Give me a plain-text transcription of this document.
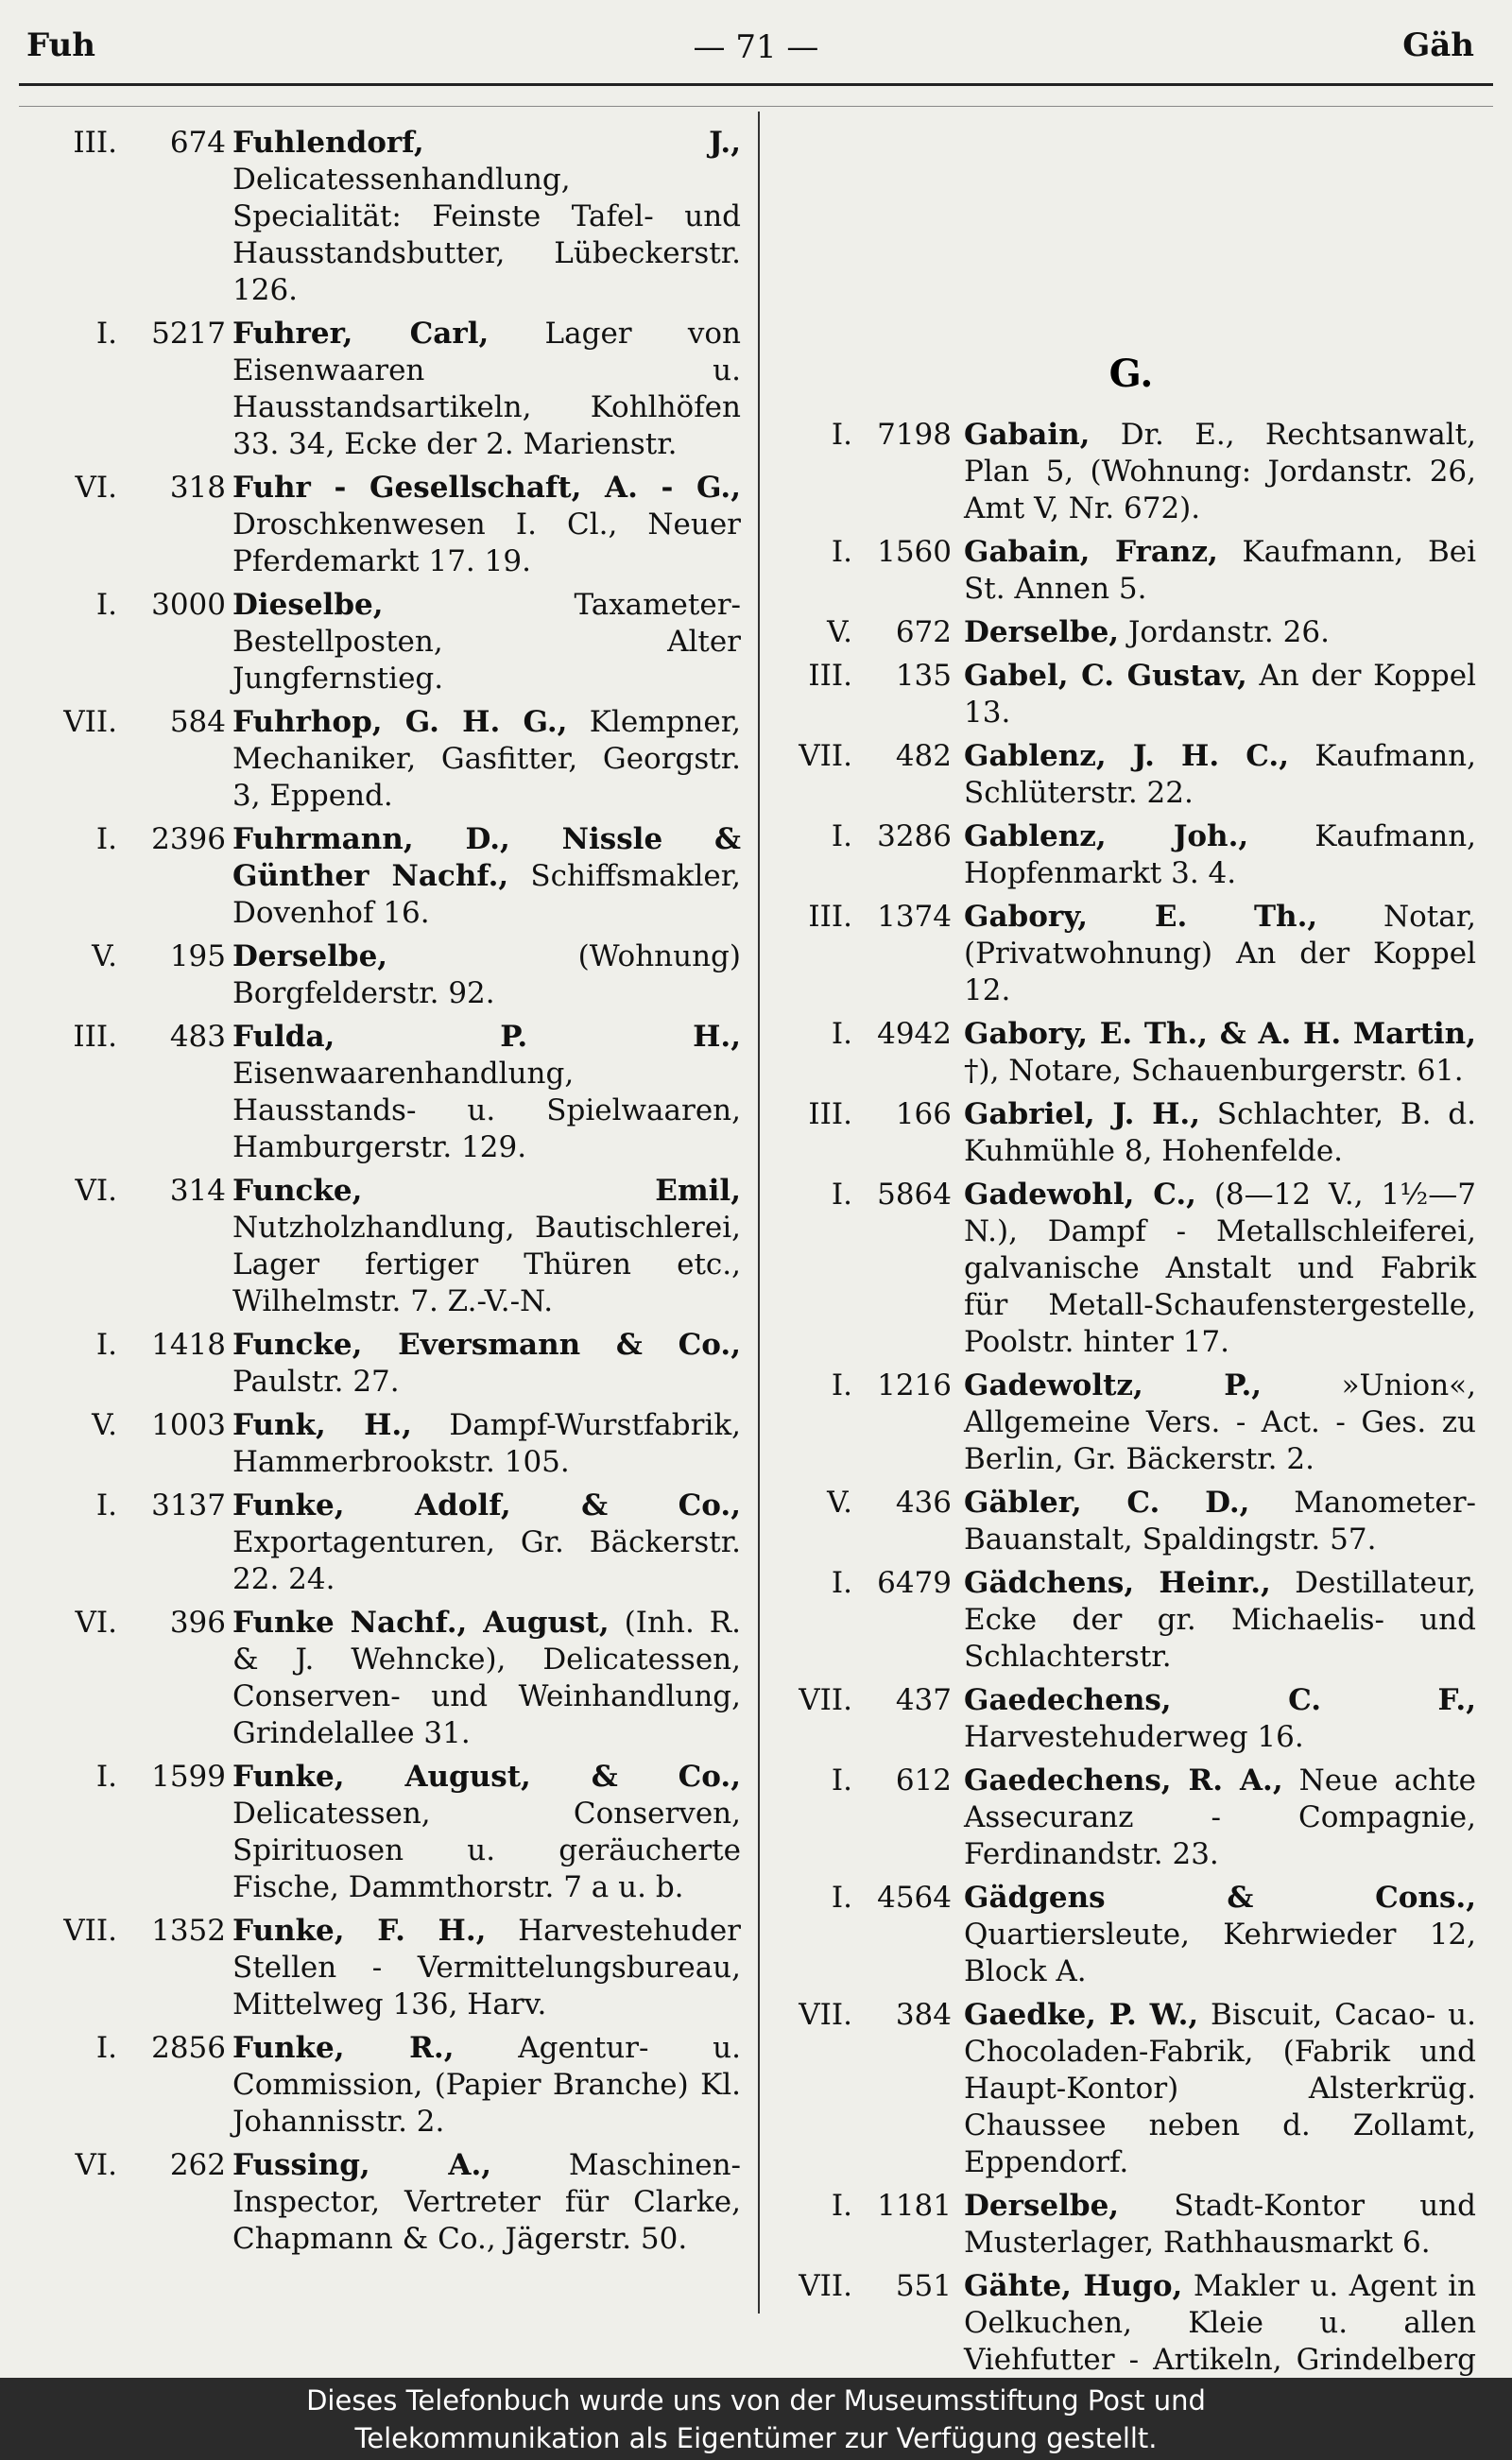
Fuh	— 71 —	Gäh
III.	674 Fuhlendorf, J., Delicatessenhandlung, Specialität: Feinste Tafel- und Hausstandsbutter, Lübeckerstr. 126.
I.	5217 Fuhrer, Carl, Lager von Eisenwaaren u. Hausstandsartikeln, Kohlhöfen 33. 34, Ecke der 2. Marienstr.
VI.	318 Fuhr - Gesellschaft, A. - G., Droschkenwesen I. Cl., Neuer Pferdemarkt 17. 19.
I.	3000 Dieselbe,	Taxameter-Bestellposten, Alter Jungfernstieg.
VII.	584 Fuhrhop, G. H. G., Klempner, Mechaniker, Gasfitter, Georgstr. 3, Eppend.
I.	2396 Fuhrmann, D., Nissle & Günther Nachf., Schiffsmakler, Dovenhof 16.
V.	195 Derselbe,	(Wohnung) Borgfelderstr. 92.
III.	483 Fulda, P. H., Eisenwaarenhandlung, Hausstands- u. Spielwaaren, Hamburgerstr. 129.
VI.	314 Funcke, Emil, Nutzholzhandlung, Bautischlerei, Lager fertiger Thüren etc., Wilhelmstr. 7. Z.-V.-N.
I.	1418 Funcke, Eversmann & Co., Paulstr. 27.
V.	1003 Funk, H., Dampf-Wurstfabrik, Hammerbrookstr. 105.
I.	3137 Funke, Adolf, & Co., Exportagenturen, Gr. Bäckerstr. 22. 24.
VI.	396 Funke Nachf., August, (Inh. R. & J. Wehncke), Delicatessen, Conserven- und Weinhandlung, Grindelallee 31.
I.	1599 Funke, August, & Co., Delicatessen, Conserven, Spirituosen u. geräucherte Fische, Dammthorstr. 7 a u. b.
VII.	1352 Funke, F. H., Harvestehuder Stellen - Vermittelungsbureau, Mittelweg 136, Harv.
I.	2856 Funke, R., Agentur- u. Commission, (Papier Branche) Kl. Johannisstr. 2.
VI.	262 Fussing, A.,	Maschinen-Inspector, Vertreter für Clarke, Chapmann & Co., Jägerstr. 50.
G.
I. 7198 Gabain, Dr. E., Rechtsanwalt, Plan 5, (Wohnung: Jordanstr. 26, Amt V, Nr. 672).
I. 1560 Gabain, Franz, Kaufmann, Bei St. Annen 5.
V.	672 Derselbe, Jordanstr. 26.
III.	135 Gabel, C. Gustav, An der Koppel 13.
VII.	482 Gablenz, J. H. C., Kaufmann, Schlüterstr. 22.
I. 3286 Gablenz, Joh., Kaufmann, Hopfenmarkt 3. 4.
III. 1374 Gabory, E. Th., Notar, (Privatwohnung) An der Koppel 12.
I. 4942 Gabory, E. Th., & A. H. Martin, †), Notare, Schauenburgerstr. 61.
III.	166 Gabriel, J. H., Schlachter, B. d. Kuhmühle 8, Hohenfelde.
I. 5864 Gadewohl, C., (8—12 V., 1½—7 N.), Dampf - Metallschleiferei, galvanische Anstalt und Fabrik für Metall-Schaufenstergestelle, Poolstr. hinter 17.
I. 1216 Gadewoltz, P.,	»Union«, Allgemeine Vers. - Act. - Ges. zu Berlin, Gr. Bäckerstr. 2.
V.	436 Gäbler, C. D., Manometer-Bauanstalt, Spaldingstr. 57.
I. 6479 Gädchens, Heinr., Destillateur, Ecke der gr. Michaelis- und Schlachterstr.
VII.	437 Gaedechens, C. F., Harvestehuderweg 16.
I.	612 Gaedechens, R. A., Neue achte Assecuranz - Compagnie, Ferdinandstr. 23.
I. 4564 Gädgens & Cons., Quartiersleute, Kehrwieder 12, Block A.
VII.	384 Gaedke, P. W., Biscuit, Cacao- u. Chocoladen-Fabrik, (Fabrik und Haupt-Kontor) Alsterkrüg. Chaussee neben d. Zollamt, Eppendorf.
I. 1181 Derselbe, Stadt-Kontor und Musterlager, Rathhausmarkt 6.
VII.	551 Gähte, Hugo, Makler u. Agent in Oelkuchen, Kleie u. allen Viehfutter - Artikeln, Grindelberg
Dieses Telefonbuch wurde uns von der Museumsstiftung Post und
Telekommunikation als Eigentümer zur Verfügung gestellt.
